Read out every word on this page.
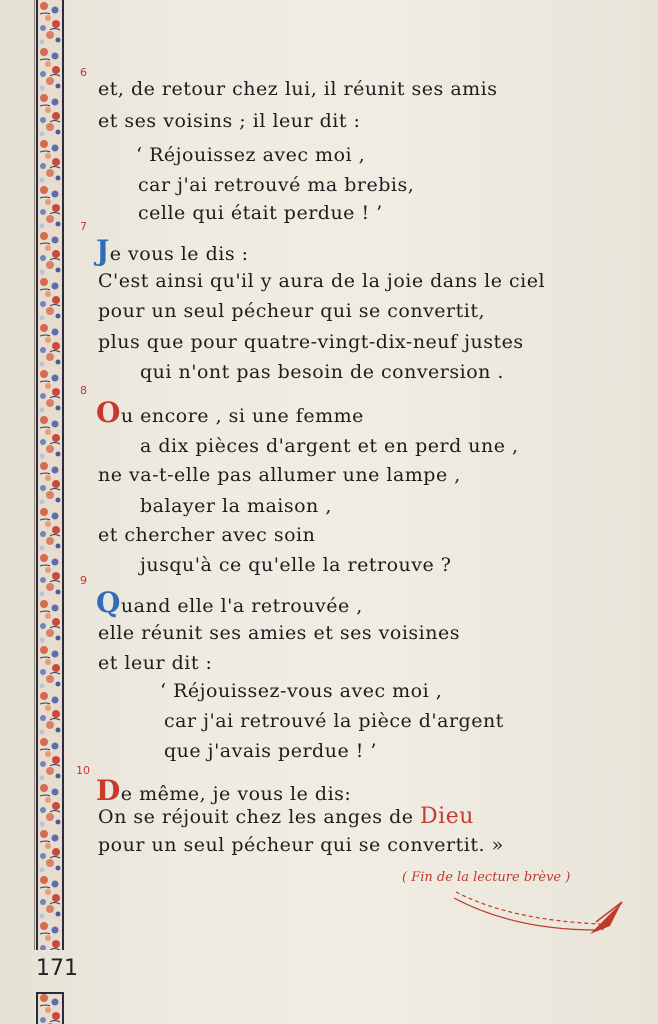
171
6
7
8
9
10
et, de retour chez lui, il réunit ses amis
et ses voisins ; il leur dit :
‘ Réjouissez avec moi ,
car j'ai retrouvé ma brebis,
celle qui était perdue ! ’
Je vous le dis :
C'est ainsi qu'il y aura de la joie dans le ciel
pour un seul pécheur qui se convertit,
plus que pour quatre-vingt-dix-neuf justes
qui n'ont pas besoin de conversion .
Ou encore , si une femme
a dix pièces d'argent et en perd une ,
ne va-t-elle pas allumer une lampe ,
balayer la maison ,
et chercher avec soin
jusqu'à ce qu'elle la retrouve ?
Quand elle l'a retrouvée ,
elle réunit ses amies et ses voisines
et leur dit :
‘ Réjouissez-vous avec moi ,
car j'ai retrouvé la pièce d'argent
que j'avais perdue ! ’
De même, je vous le dis:
On se réjouit chez les anges de Dieu
pour un seul pécheur qui se convertit. »
( Fin de la lecture brève )
